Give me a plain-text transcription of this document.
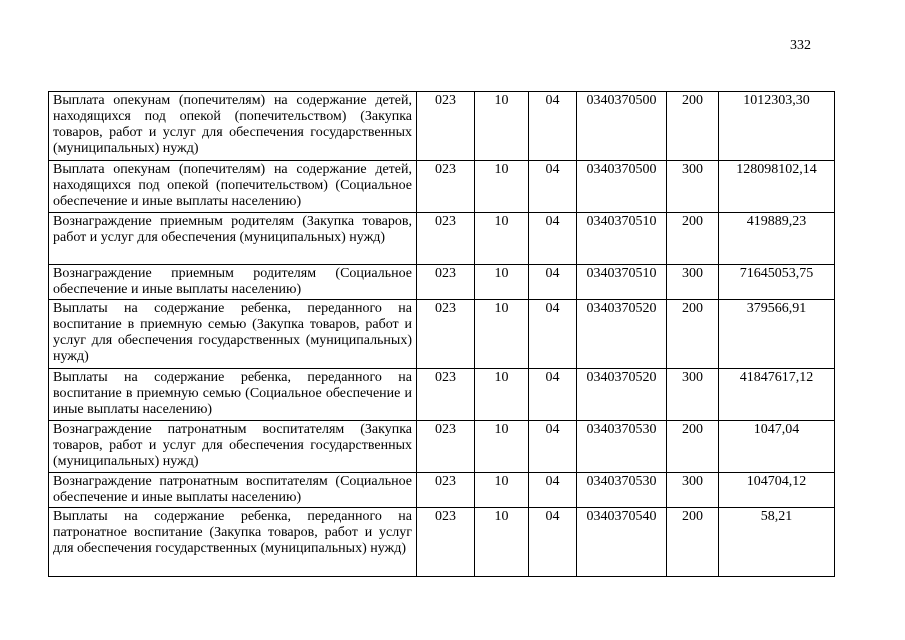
332
Выплата опекунам (попечителям) на содержание детей, находящихся под опекой (попечительством) (Закупка товаров, работ и услуг для обеспечения государственных (муниципальных) нужд)	023	10	04	0340370500	200	1012303,30
Выплата опекунам (попечителям) на содержание детей, находящихся под опекой (попечительством) (Социальное обеспечение и иные выплаты населению)	023	10	04	0340370500	300	128098102,14
Вознаграждение приемным родителям (Закупка товаров, работ и услуг для обеспечения (муниципальных) нужд)	023	10	04	0340370510	200	419889,23
Вознаграждение приемным родителям (Социальное обеспечение и иные выплаты населению)	023	10	04	0340370510	300	71645053,75
Выплаты на содержание ребенка, переданного на воспитание в приемную семью (Закупка товаров, работ и услуг для обеспечения государственных (муниципальных) нужд)	023	10	04	0340370520	200	379566,91
Выплаты на содержание ребенка, переданного на воспитание в приемную семью (Социальное обеспечение и иные выплаты населению)	023	10	04	0340370520	300	41847617,12
Вознаграждение патронатным воспитателям (Закупка товаров, работ и услуг для обеспечения государственных (муниципальных) нужд)	023	10	04	0340370530	200	1047,04
Вознаграждение патронатным воспитателям (Социальное обеспечение и иные выплаты населению)	023	10	04	0340370530	300	104704,12
Выплаты на содержание ребенка, переданного на патронатное воспитание (Закупка товаров, работ и услуг для обеспечения государственных (муниципальных) нужд)	023	10	04	0340370540	200	58,21
